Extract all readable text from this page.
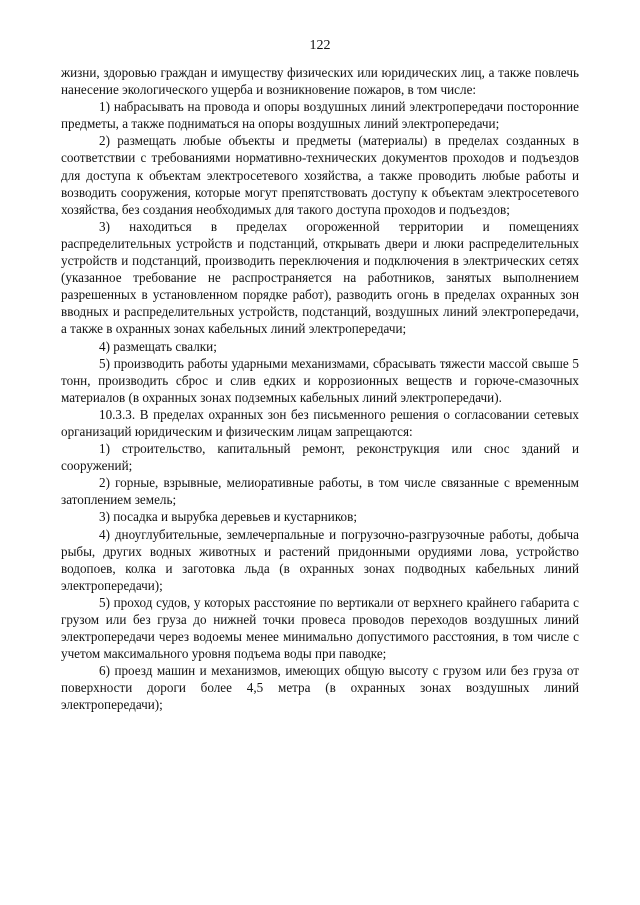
122

жизни, здоровью граждан и имуществу физических или юридических лиц, а также повлечь нанесение экологического ущерба и возникновение пожаров, в том числе:

1) набрасывать на провода и опоры воздушных линий электропередачи посторонние предметы, а также подниматься на опоры воздушных линий электропередачи;

2) размещать любые объекты и предметы (материалы) в пределах созданных в соответствии с требованиями нормативно-технических документов проходов и подъездов для доступа к объектам электросетевого хозяйства, а также проводить любые работы и возводить сооружения, которые могут препятствовать доступу к объектам электросетевого хозяйства, без создания необходимых для такого доступа проходов и подъездов;

3) находиться в пределах огороженной территории и помещениях распределительных устройств и подстанций, открывать двери и люки распределительных устройств и подстанций, производить переключения и подключения в электрических сетях (указанное требование не распространяется на работников, занятых выполнением разрешенных в установленном порядке работ), разводить огонь в пределах охранных зон вводных и распределительных устройств, подстанций, воздушных линий электропередачи, а также в охранных зонах кабельных линий электропередачи;

4) размещать свалки;

5) производить работы ударными механизмами, сбрасывать тяжести массой свыше 5 тонн, производить сброс и слив едких и коррозионных веществ и горюче-смазочных материалов (в охранных зонах подземных кабельных линий электропередачи).

10.3.3. В пределах охранных зон без письменного решения о согласовании сетевых организаций юридическим и физическим лицам запрещаются:

1) строительство, капитальный ремонт, реконструкция или снос зданий и сооружений;

2) горные, взрывные, мелиоративные работы, в том числе связанные с временным затоплением земель;

3) посадка и вырубка деревьев и кустарников;

4) дноуглубительные, землечерпальные и погрузочно-разгрузочные работы, добыча рыбы, других водных животных и растений придонными орудиями лова, устройство водопоев, колка и заготовка льда (в охранных зонах подводных кабельных линий электропередачи);

5) проход судов, у которых расстояние по вертикали от верхнего крайнего габарита с грузом или без груза до нижней точки провеса проводов переходов воздушных линий электропередачи через водоемы менее минимально допустимого расстояния, в том числе с учетом максимального уровня подъема воды при паводке;

6) проезд машин и механизмов, имеющих общую высоту с грузом или без груза от поверхности дороги более 4,5 метра (в охранных зонах воздушных линий электропередачи);
